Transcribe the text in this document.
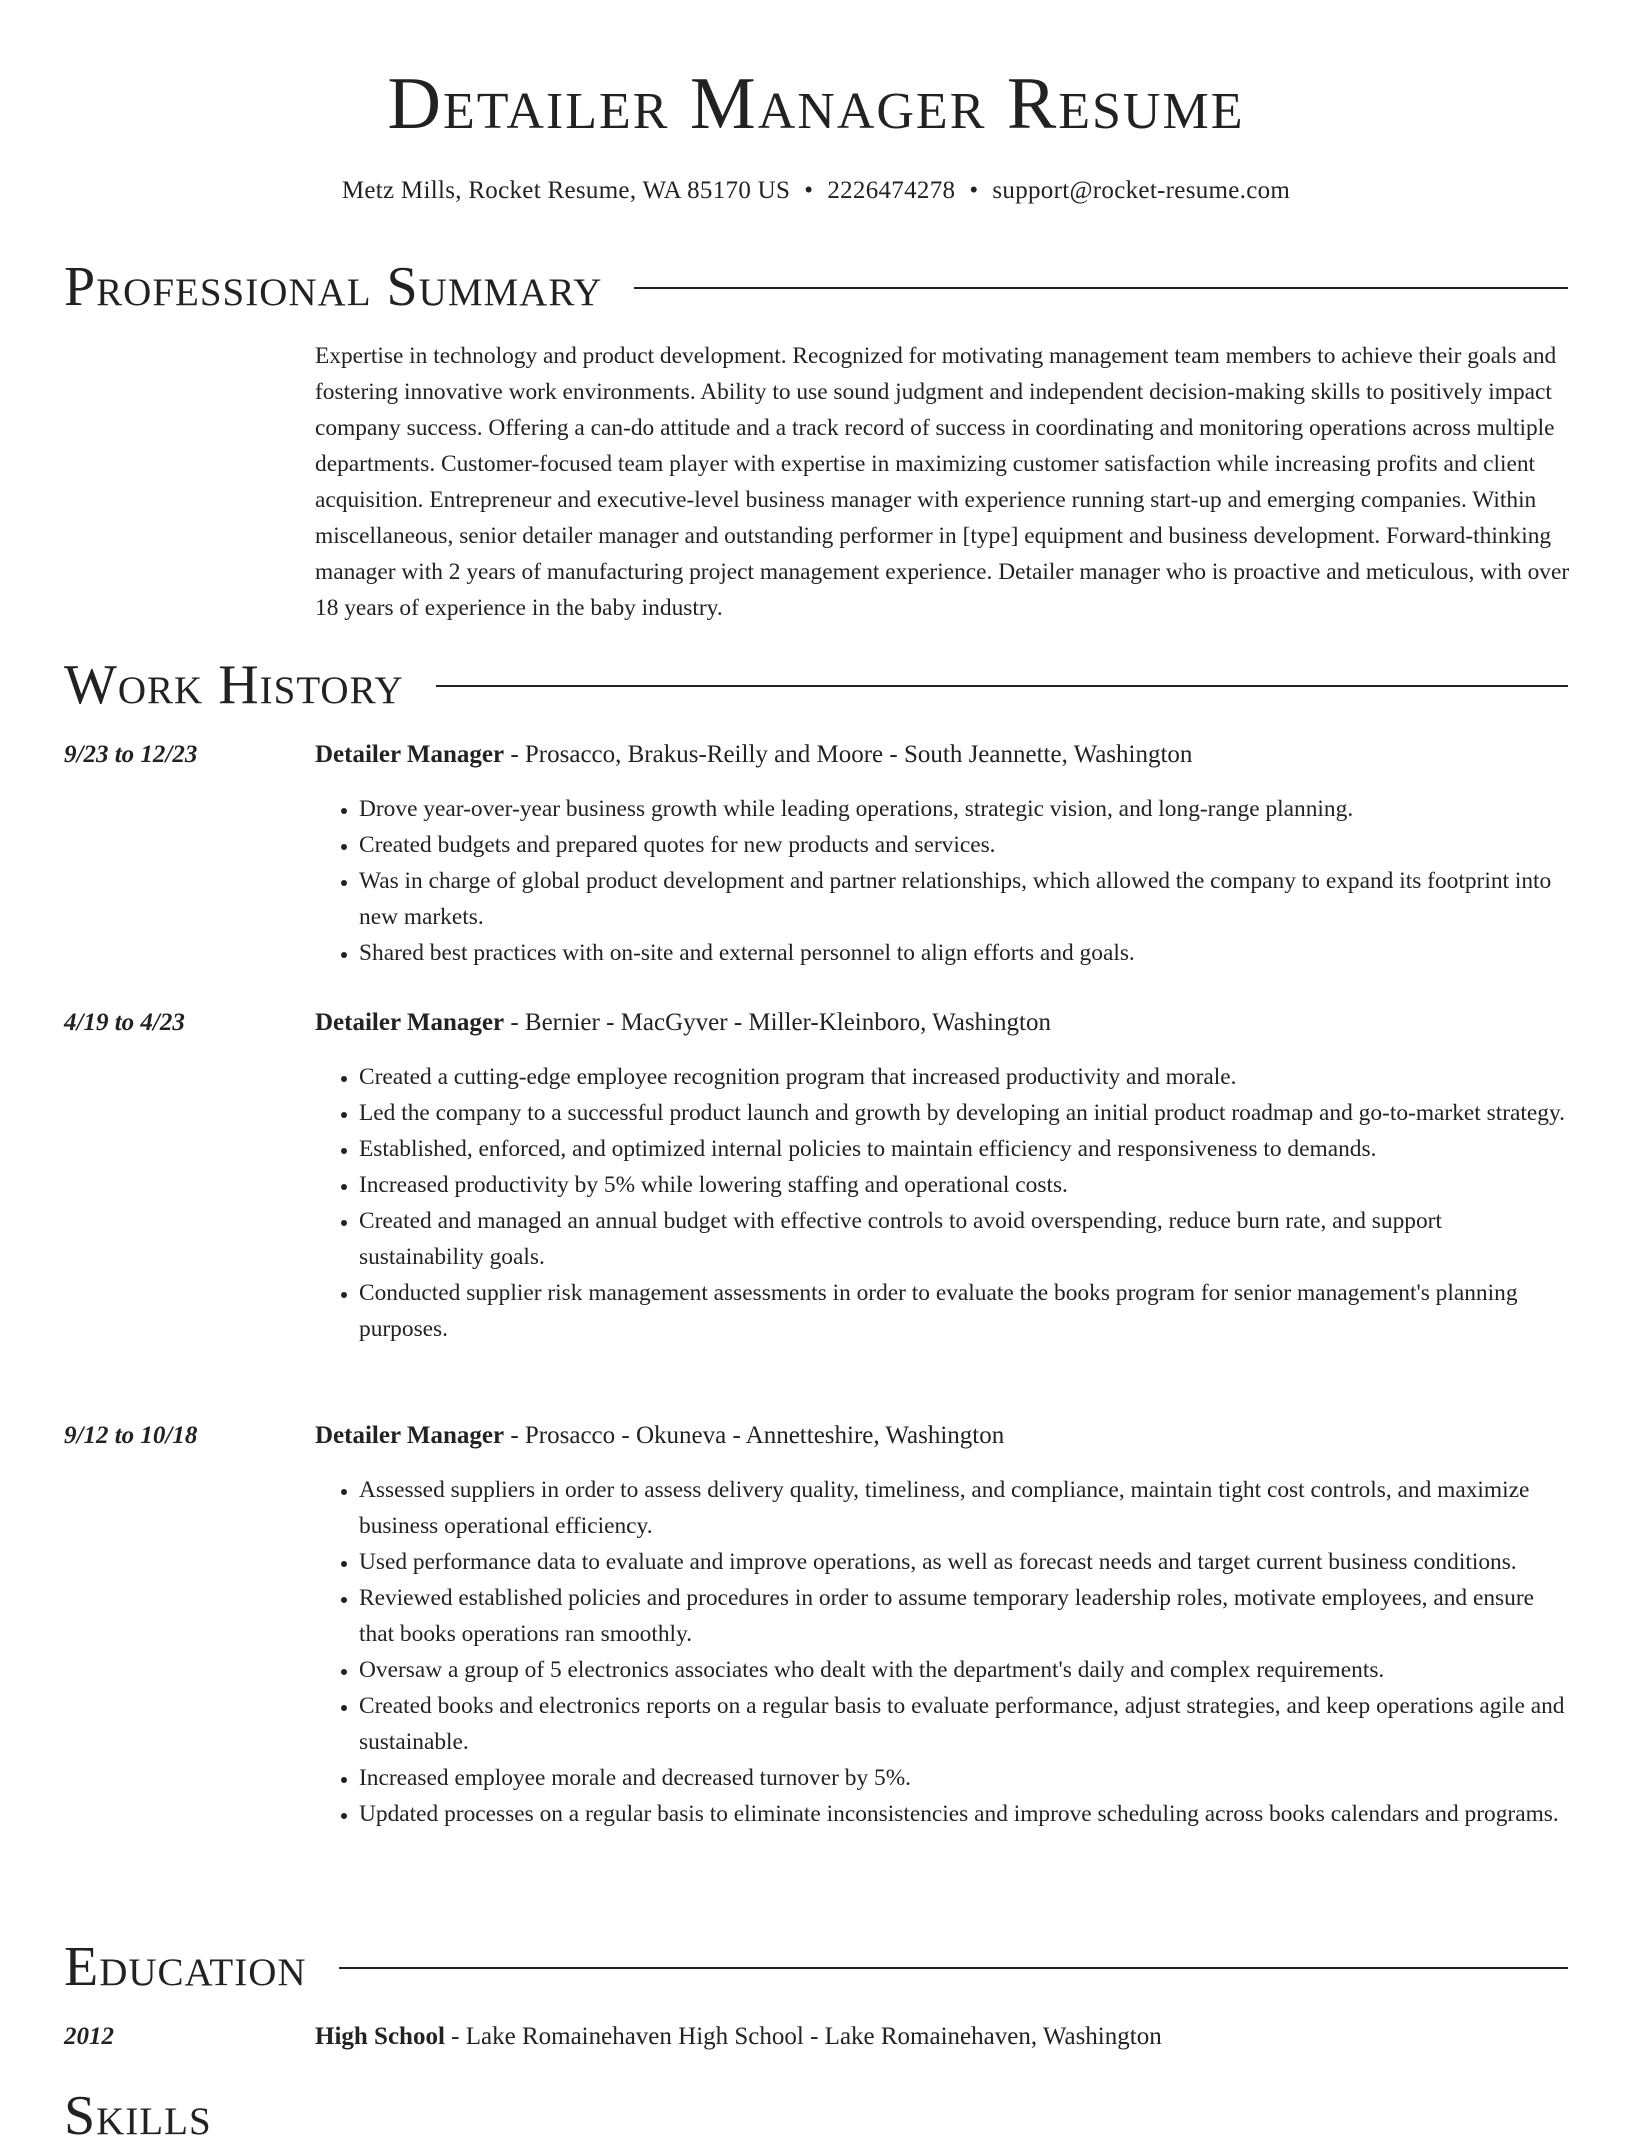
Detailer Manager Resume
Metz Mills, Rocket Resume, WA 85170 US • 2226474278 • support@rocket-resume.com
Professional Summary

Expertise in technology and product development. Recognized for motivating management team members to achieve their goals and fostering innovative work environments. Ability to use sound judgment and independent decision-making skills to positively impact company success. Offering a can-do attitude and a track record of success in coordinating and monitoring operations across multiple departments. Customer-focused team player with expertise in maximizing customer satisfaction while increasing profits and client acquisition. Entrepreneur and executive-level business manager with experience running start-up and emerging companies. Within miscellaneous, senior detailer manager and outstanding performer in [type] equipment and business development. Forward-thinking manager with 2 years of manufacturing project management experience. Detailer manager who is proactive and meticulous, with over 18 years of experience in the baby industry.

Work History
9/23 to 12/23	Detailer Manager - Prosacco, Brakus-Reilly and Moore - South Jeannette, Washington
• Drove year-over-year business growth while leading operations, strategic vision, and long-range planning.
• Created budgets and prepared quotes for new products and services.
• Was in charge of global product development and partner relationships, which allowed the company to expand its footprint into new markets.
• Shared best practices with on-site and external personnel to align efforts and goals.
4/19 to 4/23	Detailer Manager - Bernier - MacGyver - Miller-Kleinboro, Washington
• Created a cutting-edge employee recognition program that increased productivity and morale.
• Led the company to a successful product launch and growth by developing an initial product roadmap and go-to-market strategy.
• Established, enforced, and optimized internal policies to maintain efficiency and responsiveness to demands.
• Increased productivity by 5% while lowering staffing and operational costs.
• Created and managed an annual budget with effective controls to avoid overspending, reduce burn rate, and support sustainability goals.
• Conducted supplier risk management assessments in order to evaluate the books program for senior management's planning purposes.
9/12 to 10/18	Detailer Manager - Prosacco - Okuneva - Annetteshire, Washington
• Assessed suppliers in order to assess delivery quality, timeliness, and compliance, maintain tight cost controls, and maximize business operational efficiency.
• Used performance data to evaluate and improve operations, as well as forecast needs and target current business conditions.
• Reviewed established policies and procedures in order to assume temporary leadership roles, motivate employees, and ensure that books operations ran smoothly.
• Oversaw a group of 5 electronics associates who dealt with the department's daily and complex requirements.
• Created books and electronics reports on a regular basis to evaluate performance, adjust strategies, and keep operations agile and sustainable.
• Increased employee morale and decreased turnover by 5%.
• Updated processes on a regular basis to eliminate inconsistencies and improve scheduling across books calendars and programs.
Education
2012	High School - Lake Romainehaven High School - Lake Romainehaven, Washington
Skills
